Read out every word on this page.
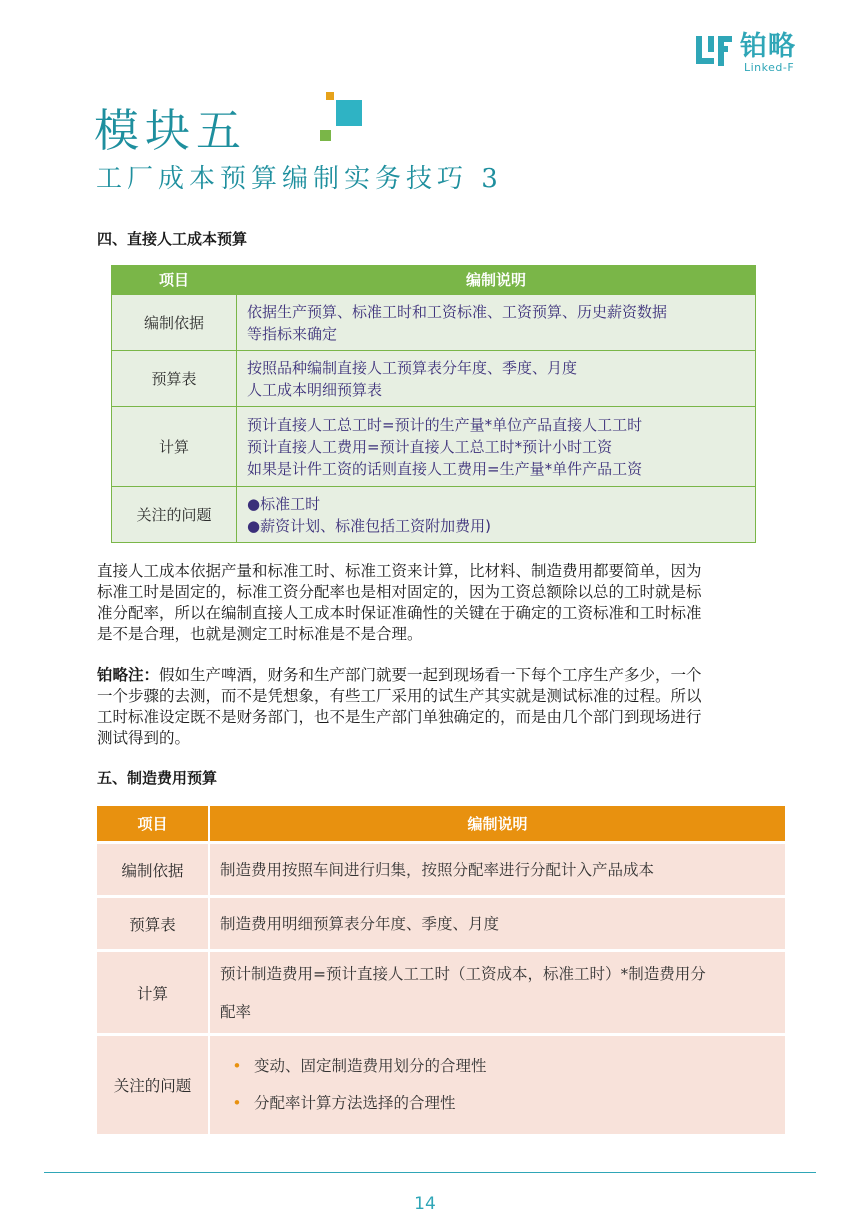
铂略
Linked-F
模块五
工厂成本预算编制实务技巧 3
四、直接人工成本预算
项目	编制说明
编制依据	依据生产预算、标准工时和工资标准、工资预算、历史薪资数据
等指标来确定

预算表	按照品种编制直接人工预算表分年度、季度、月度
人工成本明细预算表

计算	预计直接人工总工时=预计的生产量*单位产品直接人工工时
预计直接人工费用=预计直接人工总工时*预计小时工资
如果是计件工资的话则直接人工费用=生产量*单件产品工资

关注的问题	●标准工时
●薪资计划、标准包括工资附加费用)
直接人工成本依据产量和标准工时、标准工资来计算，比材料、制造费用都要简单，因为
标准工时是固定的，标准工资分配率也是相对固定的，因为工资总额除以总的工时就是标
准分配率，所以在编制直接人工成本时保证准确性的关键在于确定的工资标准和工时标准
是不是合理，也就是测定工时标准是不是合理。
铂略注：假如生产啤酒，财务和生产部门就要一起到现场看一下每个工序生产多少，一个
一个步骤的去测，而不是凭想象，有些工厂采用的试生产其实就是测试标准的过程。所以
工时标准设定既不是财务部门，也不是生产部门单独确定的，而是由几个部门到现场进行
测试得到的。
五、制造费用预算
项目	编制说明
编制依据	制造费用按照车间进行归集，按照分配率进行分配计入产品成本
预算表	制造费用明细预算表分年度、季度、月度
计算	预计制造费用=预计直接人工工时（工资成本，标准工时）*制造费用分
配率

关注的问题	• 变动、固定制造费用划分的合理性
• 分配率计算方法选择的合理性
14
